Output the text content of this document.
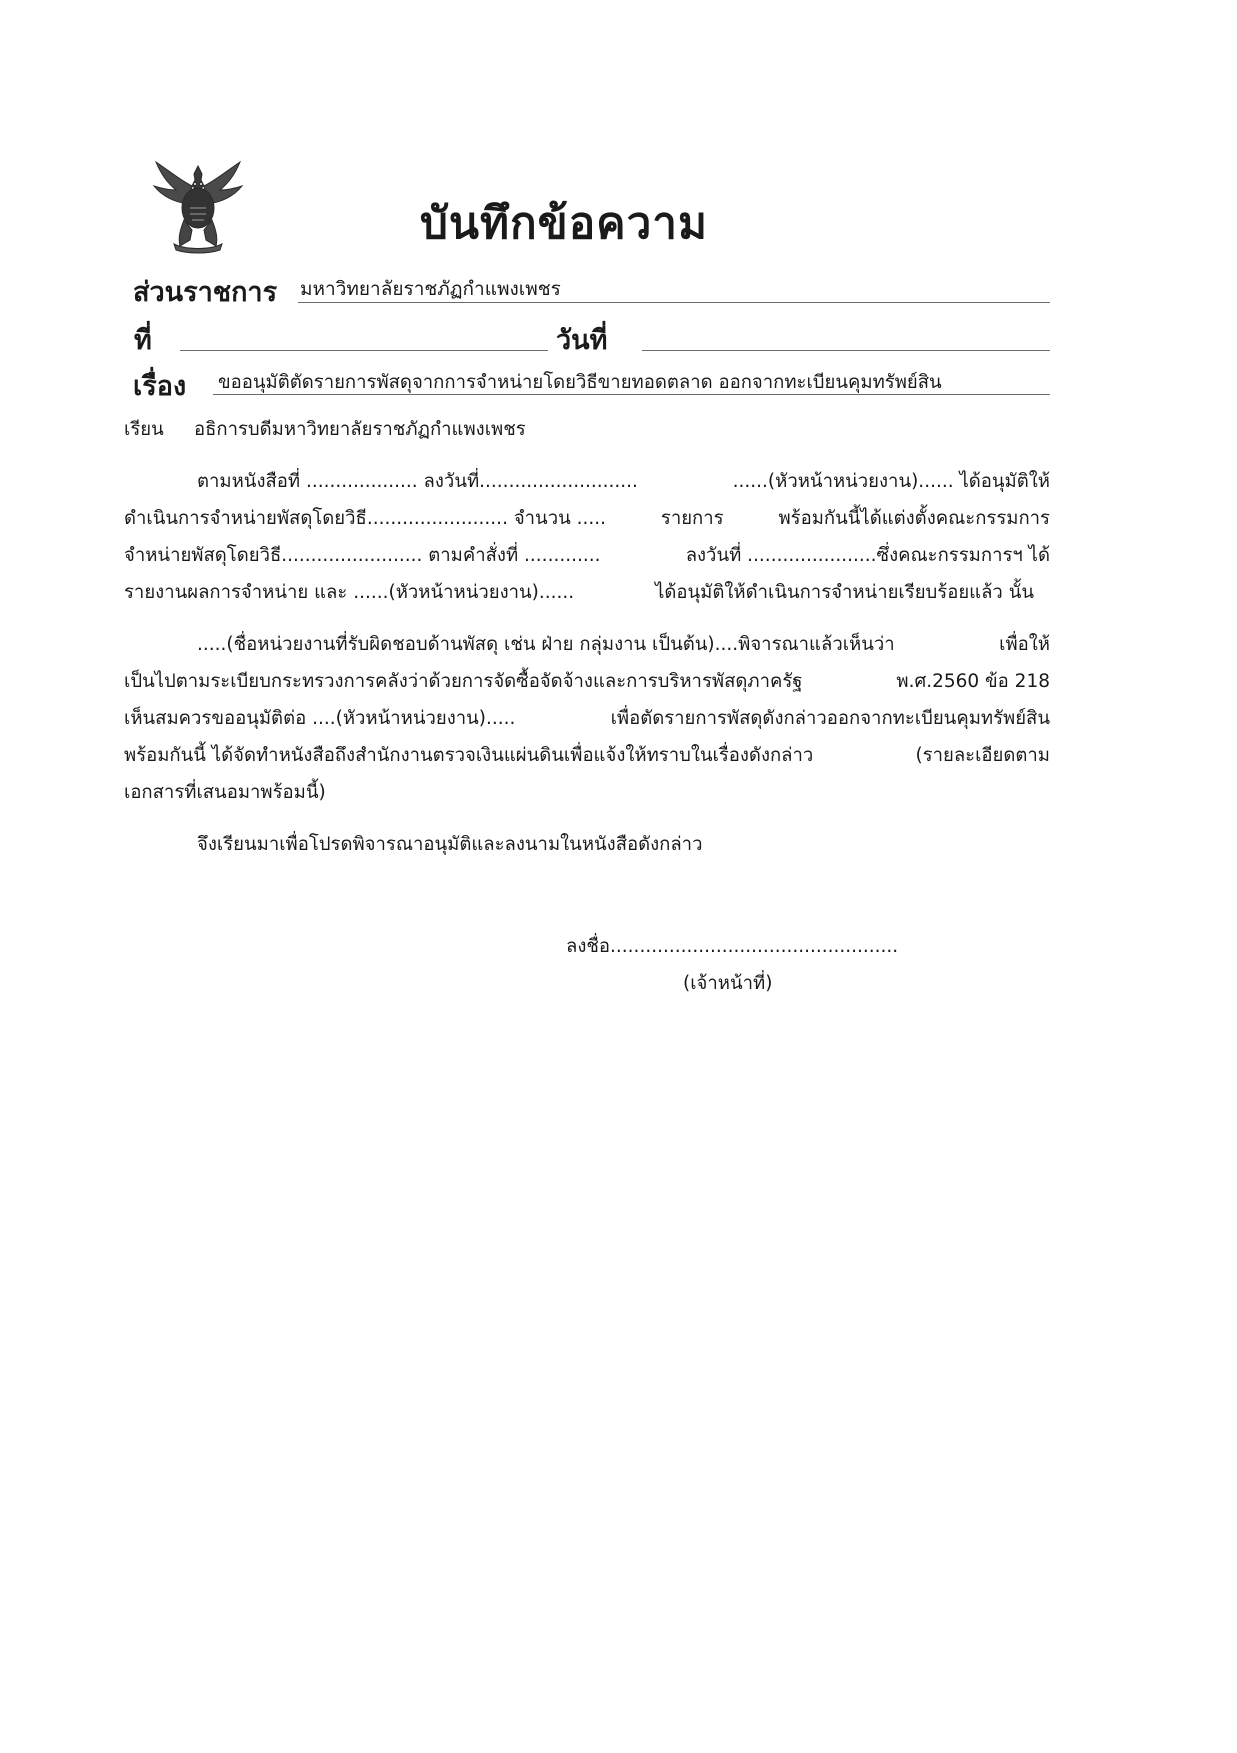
บันทึกข้อความ
ส่วนราชการ มหาวิทยาลัยราชภัฏกำแพงเพชร
ที่	วันที่
เรื่อง ขออนุมัติตัดรายการพัสดุจากการจำหน่ายโดยวิธีขายทอดตลาด ออกจากทะเบียนคุมทรัพย์สิน
เรียน อธิการบดีมหาวิทยาลัยราชภัฏกำแพงเพชร
ตามหนังสือที่ ................... ลงวันที่...........................	......(หัวหน้าหน่วยงาน)...... ได้อนุมัติให้
ดำเนินการจำหน่ายพัสดุโดยวิธี........................ จำนวน .....	รายการ	พร้อมกันนี้ได้แต่งตั้งคณะกรรมการ
จำหน่ายพัสดุโดยวิธี........................ ตามคำสั่งที่ .............	ลงวันที่ ......................ซึ่งคณะกรรมการฯ ได้
รายงานผลการจำหน่าย และ ......(หัวหน้าหน่วยงาน)......	ได้อนุมัติให้ดำเนินการจำหน่ายเรียบร้อยแล้ว นั้น
.....(ชื่อหน่วยงานที่รับผิดชอบด้านพัสดุ เช่น ฝ่าย กลุ่มงาน เป็นต้น)....พิจารณาแล้วเห็นว่า	เพื่อให้
เป็นไปตามระเบียบกระทรวงการคลังว่าด้วยการจัดซื้อจัดจ้างและการบริหารพัสดุภาครัฐ	พ.ศ.2560 ข้อ 218
เห็นสมควรขออนุมัติต่อ ....(หัวหน้าหน่วยงาน).....	เพื่อตัดรายการพัสดุดังกล่าวออกจากทะเบียนคุมทรัพย์สิน
พร้อมกันนี้ ได้จัดทำหนังสือถึงสำนักงานตรวจเงินแผ่นดินเพื่อแจ้งให้ทราบในเรื่องดังกล่าว	(รายละเอียดตาม
เอกสารที่เสนอมาพร้อมนี้)
จึงเรียนมาเพื่อโปรดพิจารณาอนุมัติและลงนามในหนังสือดังกล่าว
ลงชื่อ.................................................
(เจ้าหน้าที่)
